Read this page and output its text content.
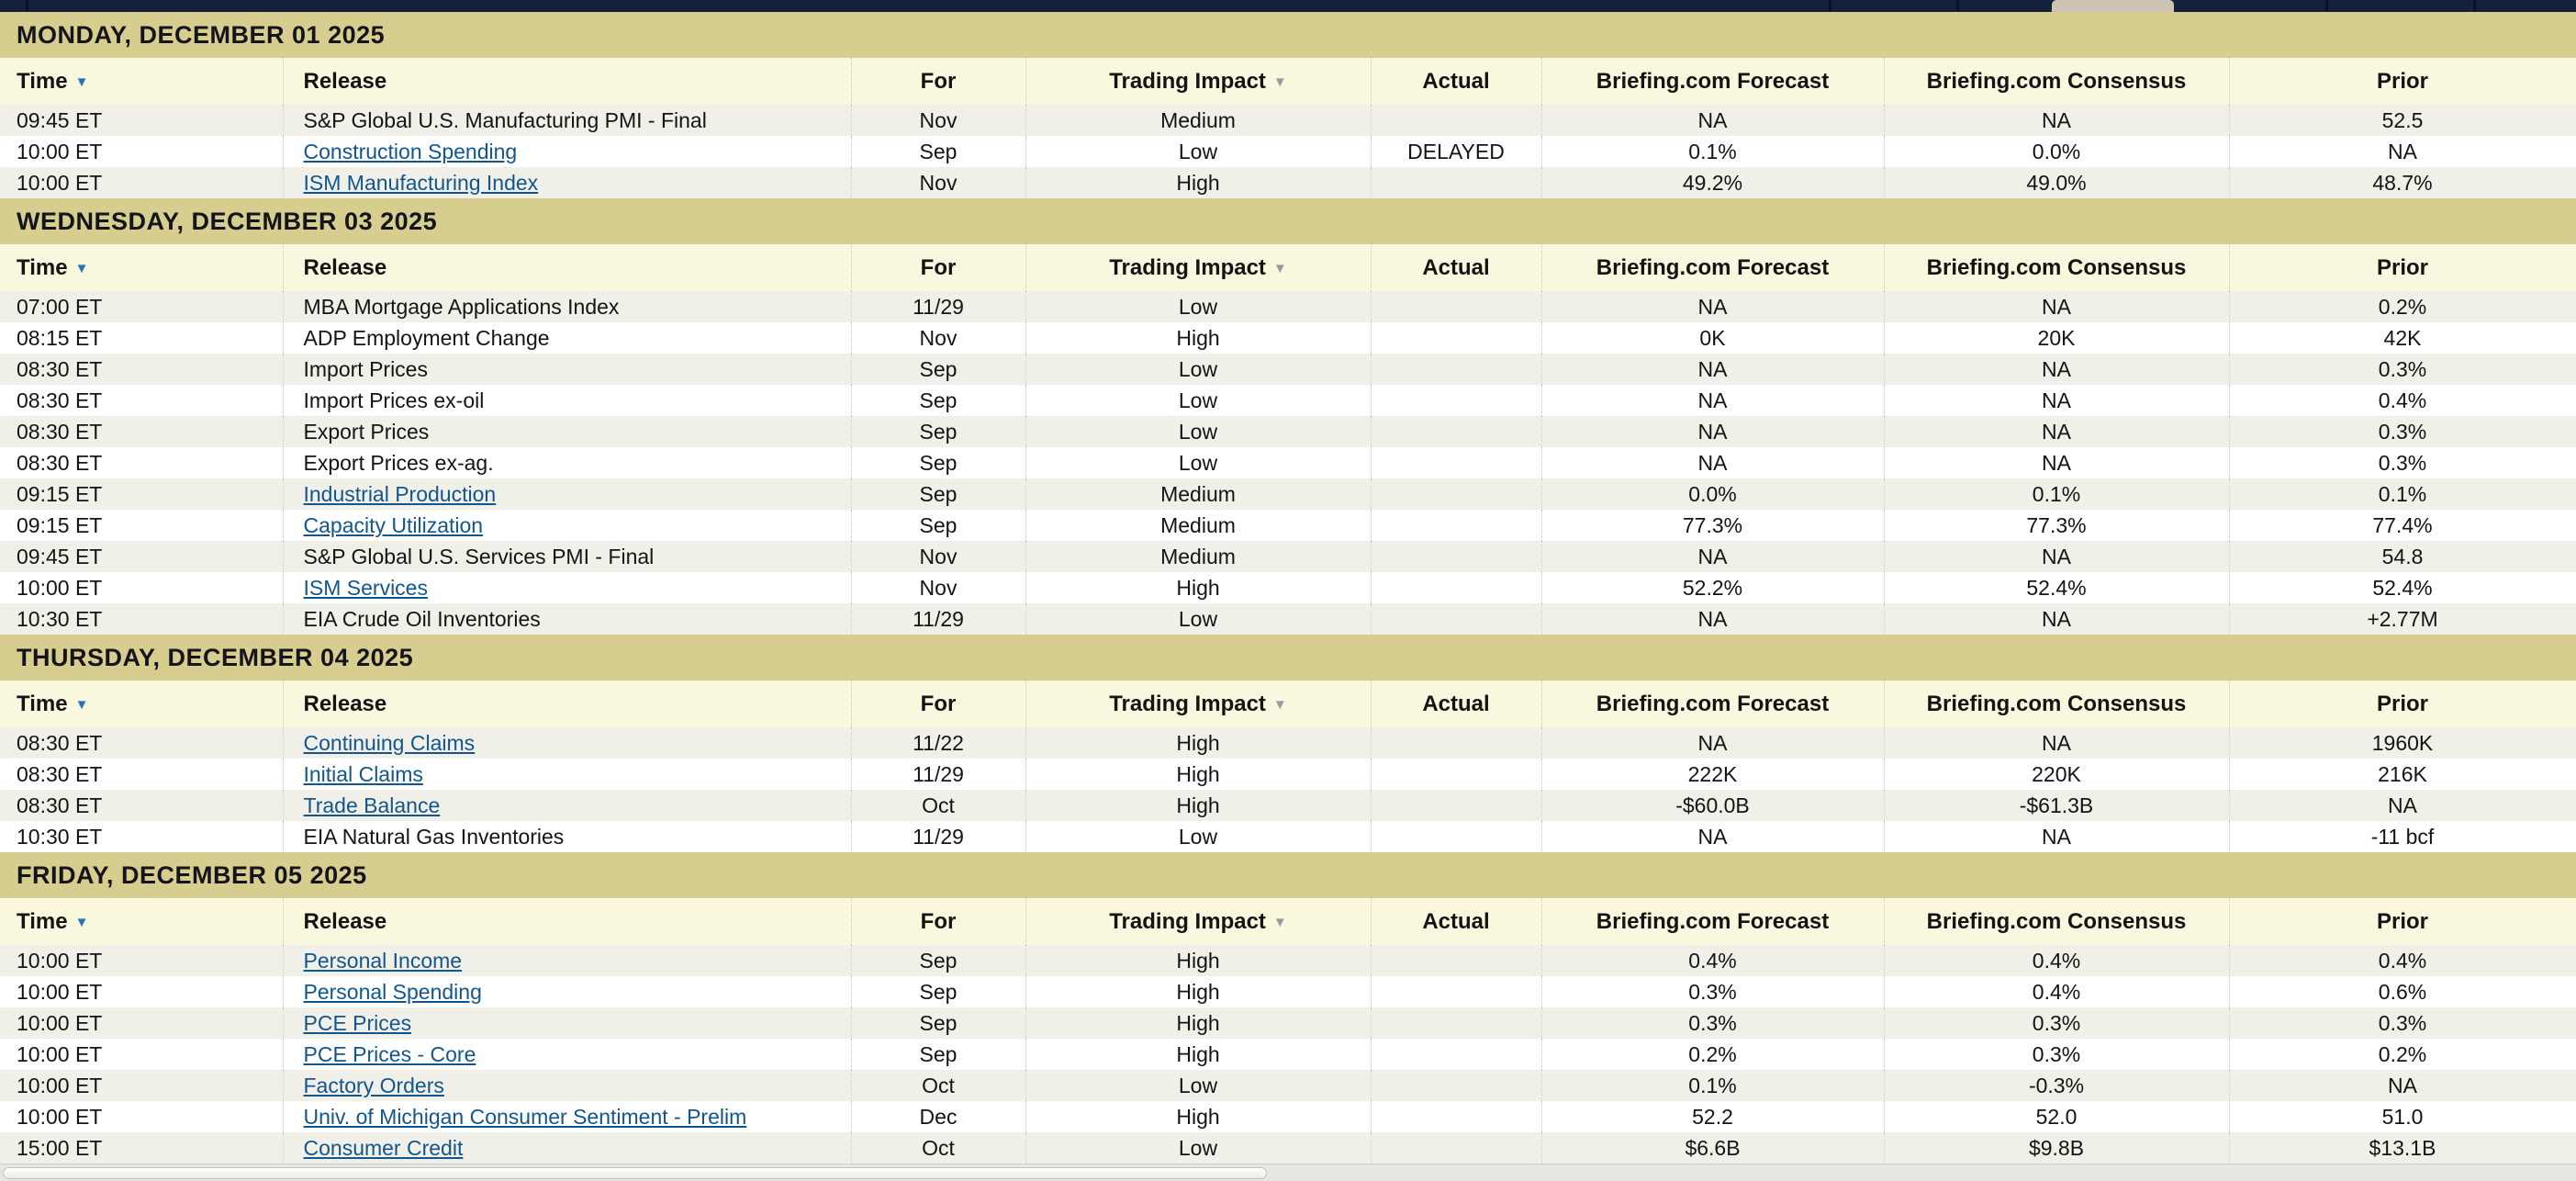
MONDAY, DECEMBER 01 2025
Time ▼	Release	For	Trading Impact ▼	Actual	Briefing.com Forecast	Briefing.com Consensus	Prior
09:45 ET	S&P Global U.S. Manufacturing PMI - Final	Nov	Medium		NA	NA	52.5
10:00 ET	Construction Spending	Sep	Low	DELAYED	0.1%	0.0%	NA
10:00 ET	ISM Manufacturing Index	Nov	High		49.2%	49.0%	48.7%
WEDNESDAY, DECEMBER 03 2025
Time ▼	Release	For	Trading Impact ▼	Actual	Briefing.com Forecast	Briefing.com Consensus	Prior
07:00 ET	MBA Mortgage Applications Index	11/29	Low		NA	NA	0.2%
08:15 ET	ADP Employment Change	Nov	High		0K	20K	42K
08:30 ET	Import Prices	Sep	Low		NA	NA	0.3%
08:30 ET	Import Prices ex-oil	Sep	Low		NA	NA	0.4%
08:30 ET	Export Prices	Sep	Low		NA	NA	0.3%
08:30 ET	Export Prices ex-ag.	Sep	Low		NA	NA	0.3%
09:15 ET	Industrial Production	Sep	Medium		0.0%	0.1%	0.1%
09:15 ET	Capacity Utilization	Sep	Medium		77.3%	77.3%	77.4%
09:45 ET	S&P Global U.S. Services PMI - Final	Nov	Medium		NA	NA	54.8
10:00 ET	ISM Services	Nov	High		52.2%	52.4%	52.4%
10:30 ET	EIA Crude Oil Inventories	11/29	Low		NA	NA	+2.77M
THURSDAY, DECEMBER 04 2025
Time ▼	Release	For	Trading Impact ▼	Actual	Briefing.com Forecast	Briefing.com Consensus	Prior
08:30 ET	Continuing Claims	11/22	High		NA	NA	1960K
08:30 ET	Initial Claims	11/29	High		222K	220K	216K
08:30 ET	Trade Balance	Oct	High		-$60.0B	-$61.3B	NA
10:30 ET	EIA Natural Gas Inventories	11/29	Low		NA	NA	-11 bcf
FRIDAY, DECEMBER 05 2025
Time ▼	Release	For	Trading Impact ▼	Actual	Briefing.com Forecast	Briefing.com Consensus	Prior
10:00 ET	Personal Income	Sep	High		0.4%	0.4%	0.4%
10:00 ET	Personal Spending	Sep	High		0.3%	0.4%	0.6%
10:00 ET	PCE Prices	Sep	High		0.3%	0.3%	0.3%
10:00 ET	PCE Prices - Core	Sep	High		0.2%	0.3%	0.2%
10:00 ET	Factory Orders	Oct	Low		0.1%	-0.3%	NA
10:00 ET	Univ. of Michigan Consumer Sentiment - Prelim	Dec	High		52.2	52.0	51.0
15:00 ET	Consumer Credit	Oct	Low		$6.6B	$9.8B	$13.1B
